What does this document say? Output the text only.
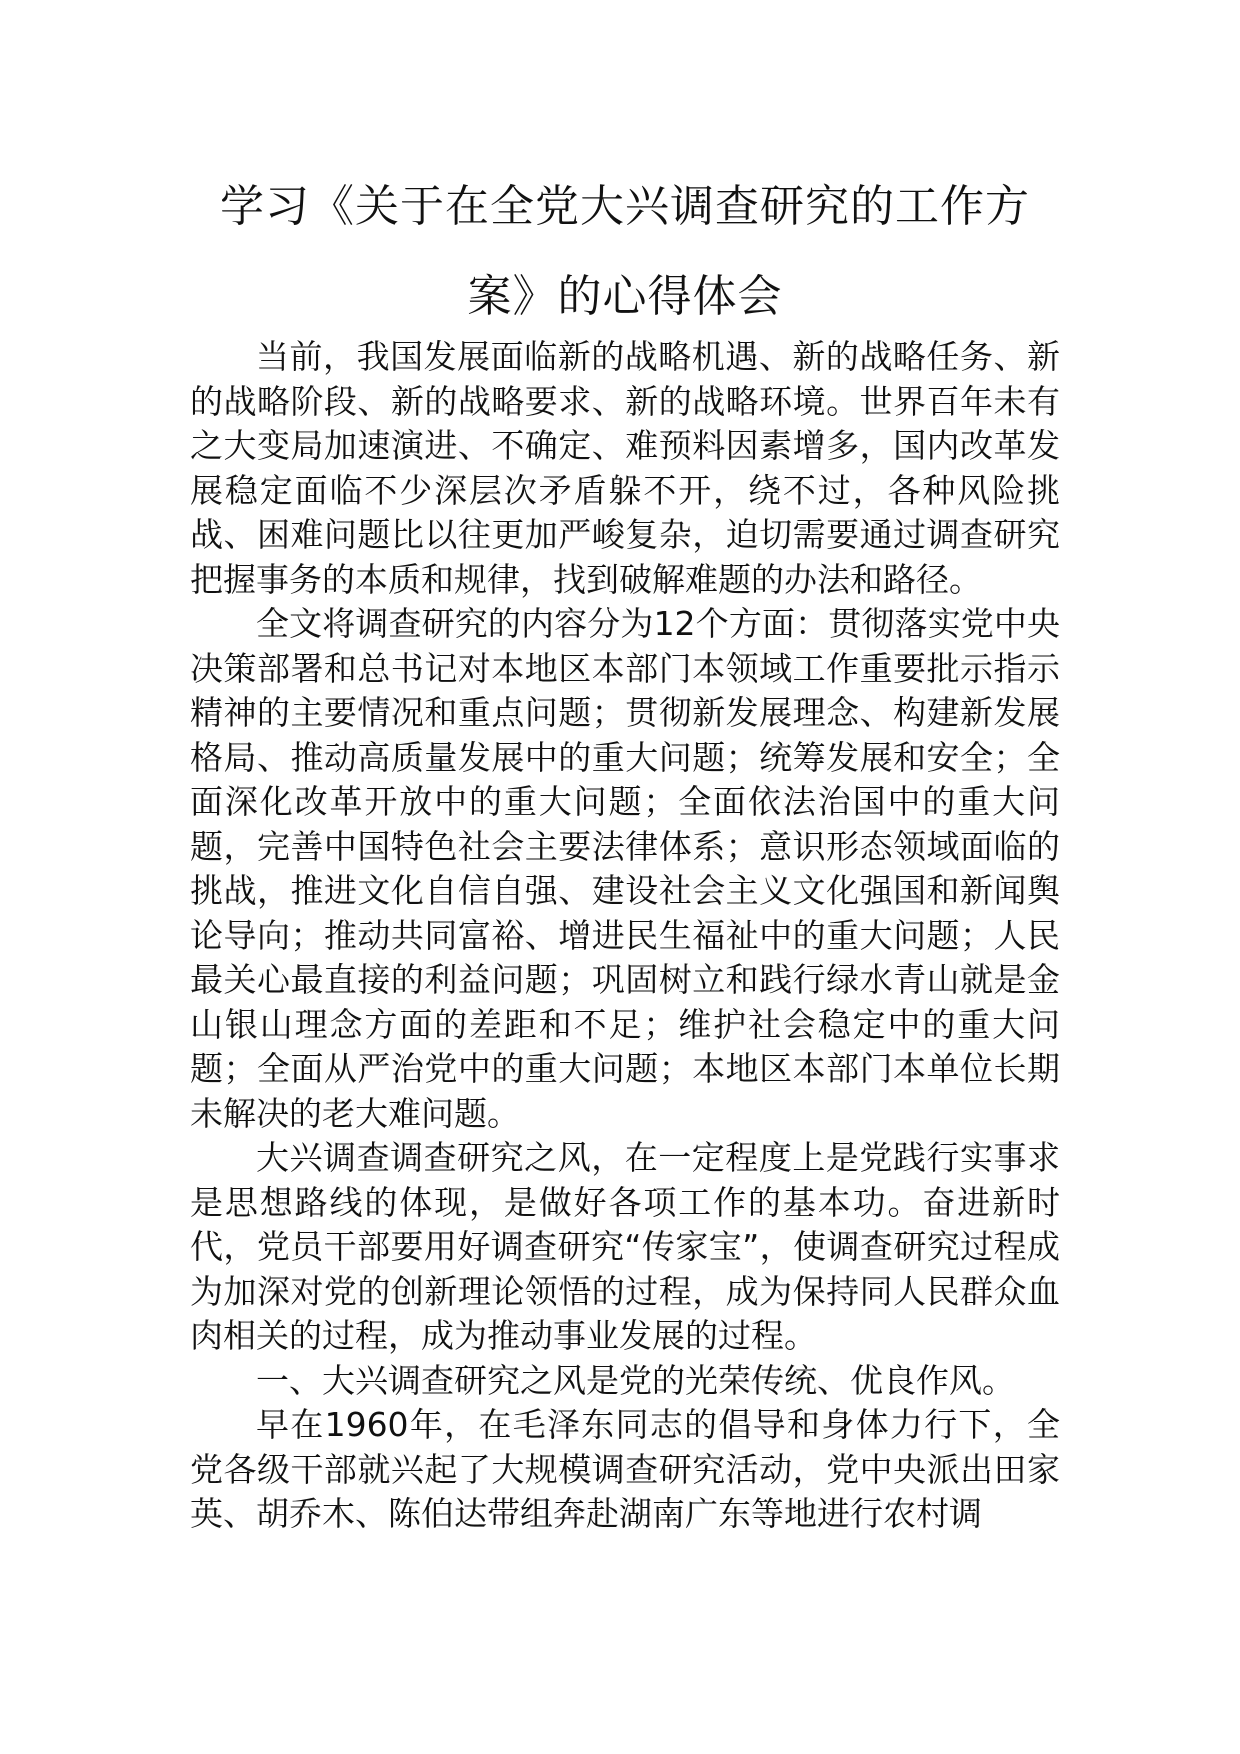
学习《关于在全党大兴调查研究的工作方
案》的心得体会

当前，我国发展面临新的战略机遇、新的战略任务、新的战略阶段、新的战略要求、新的战略环境。世界百年未有之大变局加速演进、不确定、难预料因素增多，国内改革发展稳定面临不少深层次矛盾躲不开，绕不过，各种风险挑战、困难问题比以往更加严峻复杂，迫切需要通过调查研究把握事务的本质和规律，找到破解难题的办法和路径。

全文将调查研究的内容分为12个方面：贯彻落实党中央决策部署和总书记对本地区本部门本领域工作重要批示指示精神的主要情况和重点问题；贯彻新发展理念、构建新发展格局、推动高质量发展中的重大问题；统筹发展和安全；全面深化改革开放中的重大问题；全面依法治国中的重大问题，完善中国特色社会主要法律体系；意识形态领域面临的挑战，推进文化自信自强、建设社会主义文化强国和新闻舆论导向；推动共同富裕、增进民生福祉中的重大问题；人民最关心最直接的利益问题；巩固树立和践行绿水青山就是金山银山理念方面的差距和不足；维护社会稳定中的重大问题；全面从严治党中的重大问题；本地区本部门本单位长期未解决的老大难问题。

大兴调查调查研究之风，在一定程度上是党践行实事求是思想路线的体现，是做好各项工作的基本功。奋进新时代，党员干部要用好调查研究“传家宝”，使调查研究过程成为加深对党的创新理论领悟的过程，成为保持同人民群众血肉相关的过程，成为推动事业发展的过程。

一、大兴调查研究之风是党的光荣传统、优良作风。

早在1960年，在毛泽东同志的倡导和身体力行下，全党各级干部就兴起了大规模调查研究活动，党中央派出田家英、胡乔木、陈伯达带组奔赴湖南广东等地进行农村调
